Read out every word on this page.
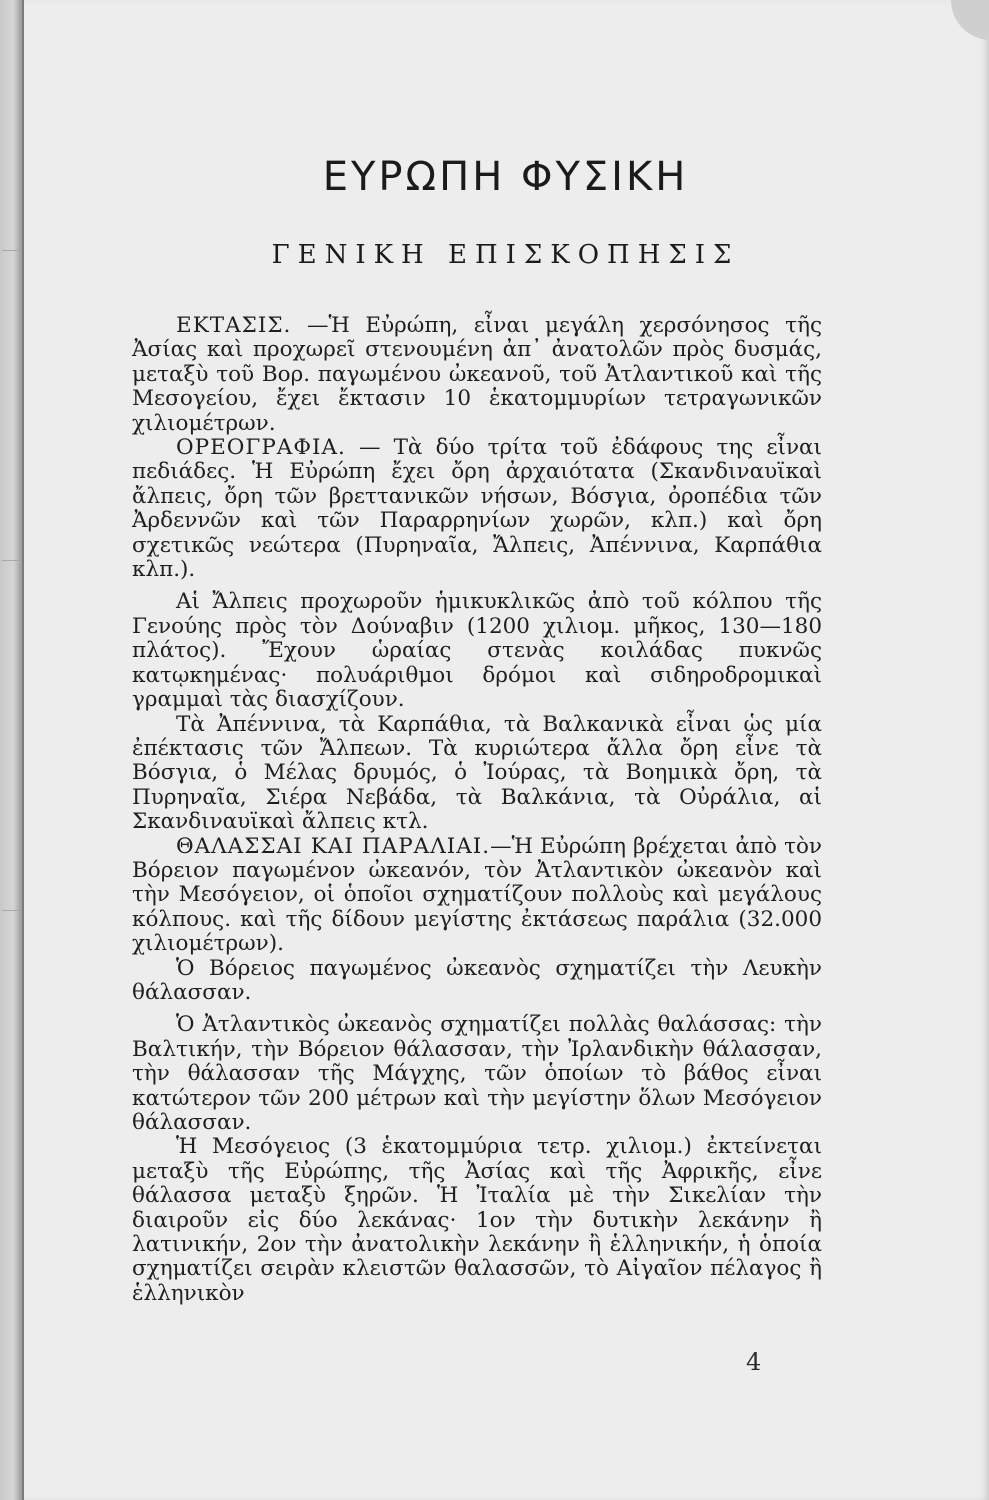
ΕΥΡΩΠΗ ΦΥΣΙΚΗ
ΓΕΝΙΚΗ ΕΠΙΣΚΟΠΗΣΙΣ

ΕΚΤΑΣΙΣ. —Ἡ Εὐρώπη, εἶναι μεγάλη χερσόνησος τῆς Ἀσίας καὶ προχωρεῖ στενουμένη ἀπ᾽ ἀνατολῶν πρὸς δυσμάς, μεταξὺ τοῦ Βορ. παγωμένου ὠκεανοῦ, τοῦ Ἀτλαντικοῦ καὶ τῆς Μεσογείου, ἔχει ἔκτασιν 10 ἑκατομμυρίων τετραγωνικῶν χιλιομέτρων.

ΟΡΕΟΓΡΑΦΙΑ. — Τὰ δύο τρίτα τοῦ ἐδάφους της εἶναι πεδιάδες. Ἡ Εὐρώπη ἔχει ὄρη ἀρχαιότατα (Σκανδιναυϊκαὶ ἄλπεις, ὄρη τῶν βρεττανικῶν νήσων, Βόσγια, ὀροπέδια τῶν Ἀρδεννῶν καὶ τῶν Παραρρηνίων χωρῶν, κλπ.) καὶ ὄρη σχετικῶς νεώτερα (Πυρηναῖα, Ἄλπεις, Ἀπέννινα, Καρπάθια κλπ.).

Αἱ Ἄλπεις προχωροῦν ἡμικυκλικῶς ἀπὸ τοῦ κόλπου τῆς Γενούης πρὸς τὸν Δούναβιν (1200 χιλιομ. μῆκος, 130—180 πλάτος). Ἔχουν ὡραίας στενὰς κοιλάδας πυκνῶς κατῳκημένας· πολυάριθμοι δρόμοι καὶ σιδηροδρομικαὶ γραμμαὶ τὰς διασχίζουν.

Τὰ Ἀπέννινα, τὰ Καρπάθια, τὰ Βαλκανικὰ εἶναι ὡς μία ἐπέκτασις τῶν Ἄλπεων. Τὰ κυριώτερα ἄλλα ὄρη εἶνε τὰ Βόσγια, ὁ Μέλας δρυμός, ὁ Ἰούρας, τὰ Βοημικὰ ὄρη, τὰ Πυρηναῖα, Σιέρα Νεβάδα, τὰ Βαλκάνια, τὰ Οὐράλια, αἱ Σκανδιναυϊκαὶ ἄλπεις κτλ.

ΘΑΛΑΣΣΑΙ ΚΑΙ ΠΑΡΑΛΙΑΙ.—Ἡ Εὐρώπη βρέχεται ἀπὸ τὸν Βόρειον παγωμένον ὠκεανόν, τὸν Ἀτλαντικὸν ὠκεανὸν καὶ τὴν Μεσόγειον, οἱ ὁποῖοι σχηματίζουν πολλοὺς καὶ μεγάλους κόλπους. καὶ τῆς δίδουν μεγίστης ἐκτάσεως παράλια (32.000 χιλιομέτρων).

Ὁ Βόρειος παγωμένος ὠκεανὸς σχηματίζει τὴν Λευκὴν θάλασσαν.

Ὁ Ἀτλαντικὸς ὠκεανὸς σχηματίζει πολλὰς θαλάσσας: τὴν Βαλτικήν, τὴν Βόρειον θάλασσαν, τὴν Ἰρλανδικὴν θάλασσαν, τὴν θάλασσαν τῆς Μάγχης, τῶν ὁποίων τὸ βάθος εἶναι κατώτερον τῶν 200 μέτρων καὶ τὴν μεγίστην ὅλων Μεσόγειον θάλασσαν.

Ἡ Μεσόγειος (3 ἑκατομμύρια τετρ. χιλιομ.) ἐκτείνεται μεταξὺ τῆς Εὐρώπης, τῆς Ἀσίας καὶ τῆς Ἀφρικῆς, εἶνε θάλασσα μεταξὺ ξηρῶν. Ἡ Ἰταλία μὲ τὴν Σικελίαν τὴν διαιροῦν εἰς δύο λεκάνας· 1ον τὴν δυτικὴν λεκάνην ἢ λατινικήν, 2ον τὴν ἀνατολικὴν λεκάνην ἢ ἑλληνικήν, ἡ ὁποία σχηματίζει σειρὰν κλειστῶν θαλασσῶν, τὸ Αἰγαῖον πέλαγος ἢ ἑλληνικὸν

4
